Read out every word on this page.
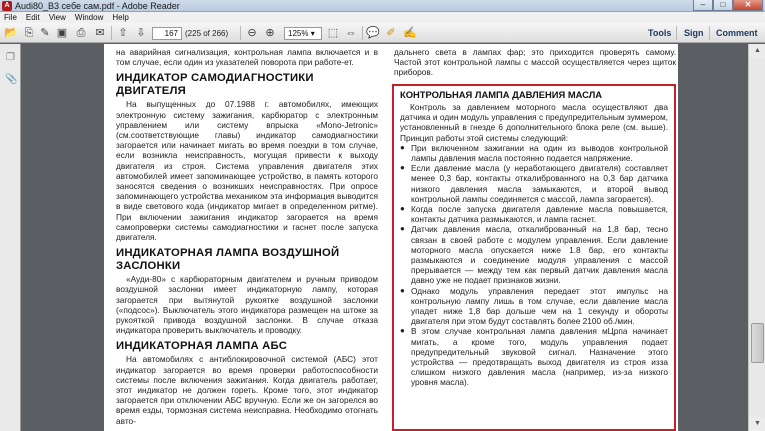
A Audi80_B3 себе сам.pdf - Adobe Reader	–	□	✕
File Edit View Window Help
📂 ⎘ ✎ ▣ ⎙ ✉ ⇧ ⇩	167 (225 of 266) ⊖ ⊕	125% ▾	⬚ ⇔ 💬 ✐ ✍	Tools Sign Comment
❐
📎

на аварийная сигнализация, контрольная лампа включается и в том случае, если один из указателей поворота при работе-ет.

ИНДИКАТОР САМОДИАГНОСТИКИ ДВИГАТЕЛЯ

На выпущенных до 07.1988 г. автомобилях, имеющих электронную систему зажигания, карбюратор с электронным управлением или систему впрыска «Mono-Jetronic» (см.соответствующие главы) индикатор самодиагностики загорается или начинает мигать во время поездки в том случае, если возникла неисправность, могущая привести к выходу двигателя из строя. Система управления двигателя этих автомобилей имеет запоминающее устройство, в память которого заносятся сведения о возникших неисправностях. При опросе запоминающего устройства механиком эта информация выводится в виде светового кода (индикатор мигает в определенном ритме). При включении зажигания индикатор загорается на время самопроверки системы самодиагностики и гаснет после запуска двигателя.

ИНДИКАТОРНАЯ ЛАМПА ВОЗДУШНОЙ ЗАСЛОНКИ

«Ауди-80» с карбюраторным двигателем и ручным приводом воздушной заслонки имеет индикаторную лампу, которая загорается при вытянутой рукоятке воздушной заслонки («подсос»). Выключатель этого индикатора размещен на штоке за рукояткой привода воздушной заслонки. В случае отказа индикатора проверить выключатель и проводку.

ИНДИКАТОРНАЯ ЛАМПА АБС

На автомобилях с антиблокировочной системой (АБС) этот индикатор загорается во время проверки работоспособности системы после включения зажигания. Когда двигатель работает, этот индикатор не должен гореть. Кроме того, этот индикатор загорается при отключении АБС вручную. Если же он загорелся во время езды, тормозная система неисправна. Необходимо отогнать авто-

дальнего света в лампах фар; это приходится проверять самому. Частой этот контрольной лампы с массой осуществляется через щиток приборов.

КОНТРОЛЬНАЯ ЛАМПА ДАВЛЕНИЯ МАСЛА

Контроль за давлением моторного масла осуществляют два датчика и один модуль управления с предупредительным зуммером, установленный в гнезде 6 дополнительного блока реле (см. выше). Принцип работы этой системы следующий:

● При включенном зажигании на один из выводов контрольной лампы давления масла постоянно подается напряжение.
● Если давление масла (у неработающего двигателя) составляет менее 0,3 бар, контакты откалиброванного на 0,3 бар датчика низкого давления масла замыкаются, и второй вывод контрольной лампы соединяется с массой, лампа загорается).
● Когда после запуска двигателя давление масла повышается, контакты датчика размыкаются, и лампа гаснет.
● Датчик давления масла, откалиброванный на 1,8 бар, тесно связан в своей работе с модулем управления. Если давление моторного масла опускается ниже 1.8 бар, его контакты размыкаются и соединение модуля управления с массой прерывается — между тем как первый датчик давления масла давно уже не подает признаков жизни.
● Однако модуль управления передает этот импульс на контрольную лампу лишь в том случае, если давление масла упадет ниже 1,8 бар дольше чем на 1 секунду и обороты двигателя при этом будут составлять более 2100 об./мин.
● В этом случае контрольная лампа давления мЦрпа начинает мигать, а кроме того, модуль управления подает предупредительный звуковой сигнал. Назначение этого устройства — предотвращать выход двигателя из строя изза слишком низкого давления масла (например, из-за низкого уровня масла).
▲
▼
